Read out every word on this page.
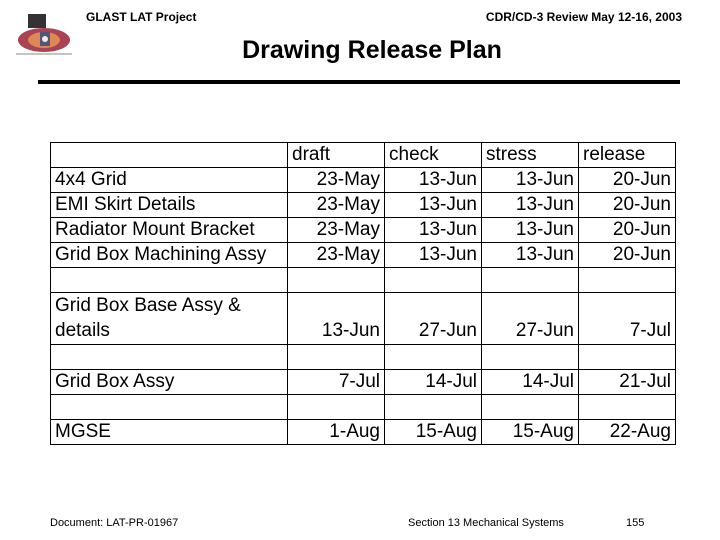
GLAST LAT Project	CDR/CD-3 Review May 12-16, 2003
Drawing Release Plan
	draft	check	stress	release
4x4 Grid	23-May	13-Jun	13-Jun	20-Jun
EMI Skirt Details	23-May	13-Jun	13-Jun	20-Jun
Radiator Mount Bracket	23-May	13-Jun	13-Jun	20-Jun
Grid Box Machining Assy	23-May	13-Jun	13-Jun	20-Jun

Grid Box Base Assy & details	13-Jun	27-Jun	27-Jun	7-Jul

Grid Box Assy	7-Jul	14-Jul	14-Jul	21-Jul

MGSE	1-Aug	15-Aug	15-Aug	22-Aug
Document: LAT-PR-01967	Section 13 Mechanical Systems	155
